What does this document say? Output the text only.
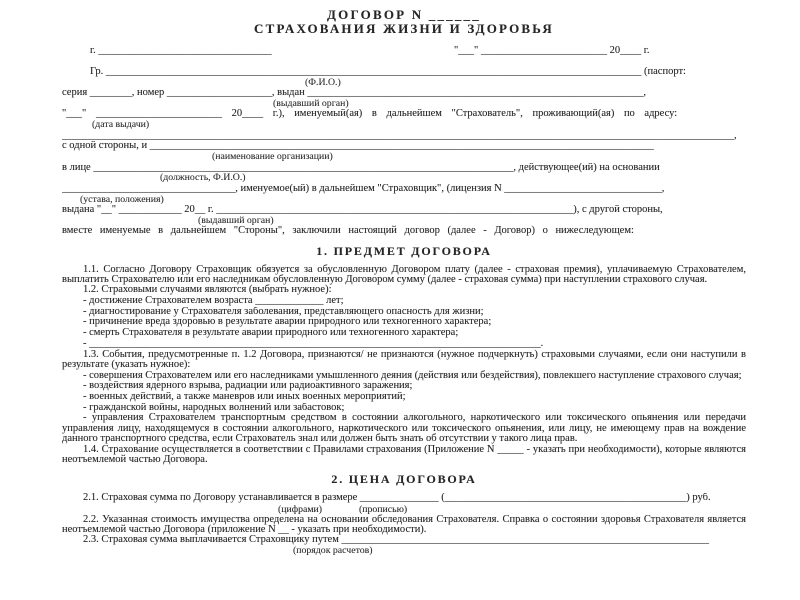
ДОГОВОР N ______
СТРАХОВАНИЯ ЖИЗНИ И ЗДОРОВЬЯ
г. _________________________________	"___" ________________________ 20____ г.
Гр. ______________________________________________________________________________________________________ (паспорт:
(Ф.И.О.)
серия ________, номер ____________________, выдан ________________________________________________________________,
(выдавший орган)
"___" ________________________ 20____ г.), именуемый(ая) в дальнейшем "Страхователь", проживающий(ая) по адресу:
(дата выдачи)
________________________________________________________________________________________________________________________________,
с одной стороны, и ________________________________________________________________________________________________
(наименование организации)
в лице ________________________________________________________________________________, действующее(ий) на основании
(должность, Ф.И.О.)
_________________________________, именуемое(ый) в дальнейшем "Страховщик", (лицензия N ______________________________,
(устава, положения)
выдана "__" ____________ 20__ г. ____________________________________________________________________), с другой стороны,
(выдавший орган)

вместе именуемые в дальнейшем "Стороны", заключили настоящий договор (далее - Договор) о нижеследующем:

1. ПРЕДМЕТ ДОГОВОРА

1.1. Согласно Договору Страховщик обязуется за обусловленную Договором плату (далее - страховая премия), уплачиваемую Страхователем, выплатить Страхователю или его наследникам обусловленную Договором сумму (далее - страховая сумма) при наступлении страхового случая.

1.2. Страховыми случаями являются (выбрать нужное):

- достижение Страхователем возраста _____________ лет;
- диагностирование у Страхователя заболевания, представляющего опасность для жизни;
- причинение вреда здоровью в результате аварии природного или техногенного характера;
- смерть Страхователя в результате аварии природного или техногенного характера;
- ______________________________________________________________________________________.

1.3. События, предусмотренные п. 1.2 Договора, признаются/ не признаются (нужное подчеркнуть) страховыми случаями, если они наступили в результате (указать нужное):

- совершения Страхователем или его наследниками умышленного деяния (действия или бездействия), повлекшего наступление страхового случая;

- воздействия ядерного взрыва, радиации или радиоактивного заражения;
- военных действий, а также маневров или иных военных мероприятий;
- гражданской войны, народных волнений или забастовок;

- управления Страхователем транспортным средством в состоянии алкогольного, наркотического или токсического опьянения или передачи управления лицу, находящемуся в состоянии алкогольного, наркотического или токсического опьянения, или лицу, не имеющему прав на вождение данного транспортного средства, если Страхователь знал или должен быть знать об отсутствии у такого лица прав.

1.4. Страхование осуществляется в соответствии с Правилами страхования (Приложение N _____ - указать при необходимости), которые являются неотъемлемой частью Договора.

2. ЦЕНА ДОГОВОРА
2.1. Страховая сумма по Договору устанавливается в размере _______________ (______________________________________________) руб.
(цифрами)	(прописью)

2.2. Указанная стоимость имущества определена на основании обследования Страхователя. Справка о состоянии здоровья Страхователя является неотъемлемой частью Договора (приложение N __ - указать при необходимости).

2.3. Страховая сумма выплачивается Страховщику путем ______________________________________________________________________
(порядок расчетов)
